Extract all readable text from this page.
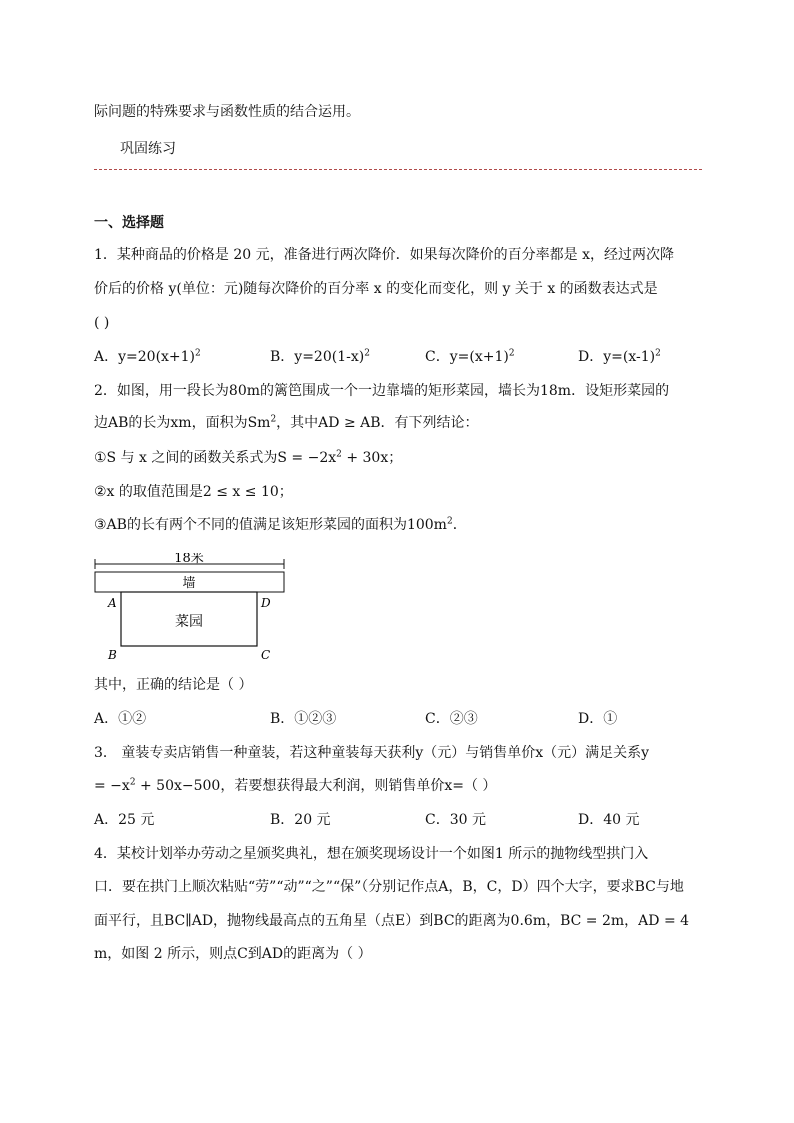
际问题的特殊要求与函数性质的结合运用。
巩固练习
一、选择题
1．某种商品的价格是 20 元，准备进行两次降价．如果每次降价的百分率都是 x，经过两次降
价后的价格 y(单位：元)随每次降价的百分率 x 的变化而变化，则 y 关于 x 的函数表达式是
( )
A．$y=20(x+1)^2$	B．$y=20(1-x)^2$	C．$y=(x+1)^2$	D．$y=(x-1)^2$
2．如图，用一段长为80m的篱笆围成一个一边靠墙的矩形菜园，墙长为18m．设矩形菜园的
边AB的长为xm，面积为Sm$^2$，其中AD ≥ AB．有下列结论：
①S 与 x 之间的函数关系式为$S = -2x^2 + 30x$；
②x 的取值范围是2 ≤ x ≤ 10；
③AB的长有两个不同的值满足该矩形菜园的面积为$100m^2$．
18米
墙
菜园
A	D
B	C
其中，正确的结论是（ ）
A．①②	B．①②③	C．②③	D．①
3． 童装专卖店销售一种童装，若这种童装每天获利y（元）与销售单价x（元）满足关系y
= $-x^2 + 50x-500$，若要想获得最大利润，则销售单价x=（ ）
A．25 元	B．20 元	C．30 元	D．40 元
4．某校计划举办劳动之星颁奖典礼，想在颁奖现场设计一个如图1 所示的抛物线型拱门入
口．要在拱门上顺次粘贴“劳”“动”“之”“保”（分别记作点A，B，C，D）四个大字，要求BC与地
面平行，且BC∥AD，抛物线最高点的五角星（点E）到BC的距离为0.6m，BC = 2m，AD = 4
m，如图 2 所示，则点C到AD的距离为（ ）
